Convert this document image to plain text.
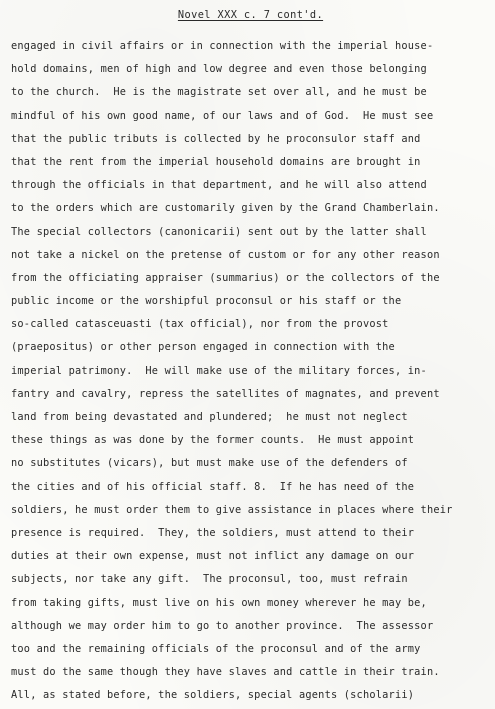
Novel XXX c. 7 cont'd.
engaged in civil affairs or in connection with the imperial house-
hold domains, men of high and low degree and even those belonging
to the church.  He is the magistrate set over all, and he must be
mindful of his own good name, of our laws and of God.  He must see
that the public tributs is collected by he proconsulor staff and
that the rent from the imperial household domains are brought in
through the officials in that department, and he will also attend
to the orders which are customarily given by the Grand Chamberlain.
The special collectors (canonicarii) sent out by the latter shall
not take a nickel on the pretense of custom or for any other reason
from the officiating appraiser (summarius) or the collectors of the
public income or the worshipful proconsul or his staff or the
so-called catasceuasti (tax official), nor from the provost
(praepositus) or other person engaged in connection with the
imperial patrimony.  He will make use of the military forces, in-
fantry and cavalry, repress the satellites of magnates, and prevent
land from being devastated and plundered;  he must not neglect
these things as was done by the former counts.  He must appoint
no substitutes (vicars), but must make use of the defenders of
the cities and of his official staff. 8.  If he has need of the
soldiers, he must order them to give assistance in places where their
presence is required.  They, the soldiers, must attend to their
duties at their own expense, must not inflict any damage on our
subjects, nor take any gift.  The proconsul, too, must refrain
from taking gifts, must live on his own money wherever he may be,
although we may order him to go to another province.  The assessor
too and the remaining officials of the proconsul and of the army
must do the same though they have slaves and cattle in their train.
All, as stated before, the soldiers, special agents (scholarii)
